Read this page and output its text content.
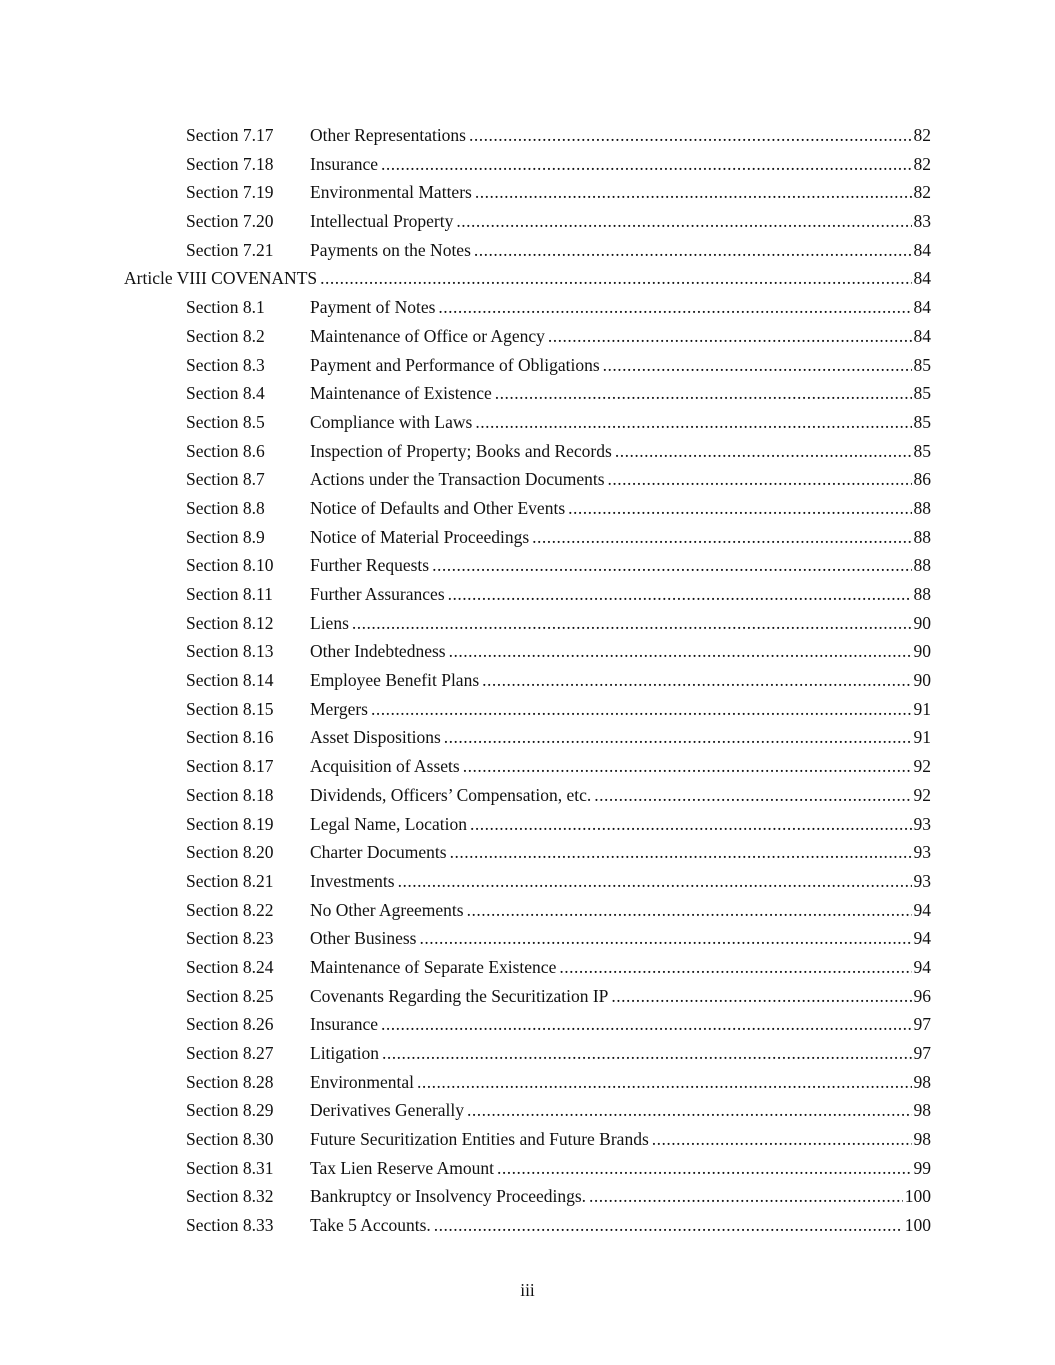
Section 7.17 Other Representations .....	82
Section 7.18 Insurance .....	82
Section 7.19 Environmental Matters .....	82
Section 7.20 Intellectual Property .....	83
Section 7.21 Payments on the Notes .....	84
Article VIII COVENANTS .....	84
Section 8.1	Payment of Notes .....	84
Section 8.2	Maintenance of Office or Agency .....	84
Section 8.3	Payment and Performance of Obligations .....	85
Section 8.4	Maintenance of Existence .....	85
Section 8.5	Compliance with Laws .....	85
Section 8.6	Inspection of Property; Books and Records .....	85
Section 8.7	Actions under the Transaction Documents .....	86
Section 8.8	Notice of Defaults and Other Events .....	88
Section 8.9	Notice of Material Proceedings .....	88
Section 8.10 Further Requests .....	88
Section 8.11 Further Assurances .....	88
Section 8.12 Liens .....	90
Section 8.13 Other Indebtedness .....	90
Section 8.14 Employee Benefit Plans .....	90
Section 8.15 Mergers .....	91
Section 8.16 Asset Dispositions .....	91
Section 8.17 Acquisition of Assets .....	92
Section 8.18 Dividends, Officers’ Compensation, etc. .....	92
Section 8.19 Legal Name, Location .....	93
Section 8.20 Charter Documents .....	93
Section 8.21 Investments .....	93
Section 8.22 No Other Agreements .....	94
Section 8.23 Other Business .....	94
Section 8.24 Maintenance of Separate Existence .....	94
Section 8.25 Covenants Regarding the Securitization IP .....	96
Section 8.26 Insurance .....	97
Section 8.27 Litigation .....	97
Section 8.28 Environmental .....	98
Section 8.29 Derivatives Generally .....	98
Section 8.30 Future Securitization Entities and Future Brands .....	98
Section 8.31 Tax Lien Reserve Amount .....	99
Section 8.32 Bankruptcy or Insolvency Proceedings. .....	100
Section 8.33 Take 5 Accounts. .....	100
iii
